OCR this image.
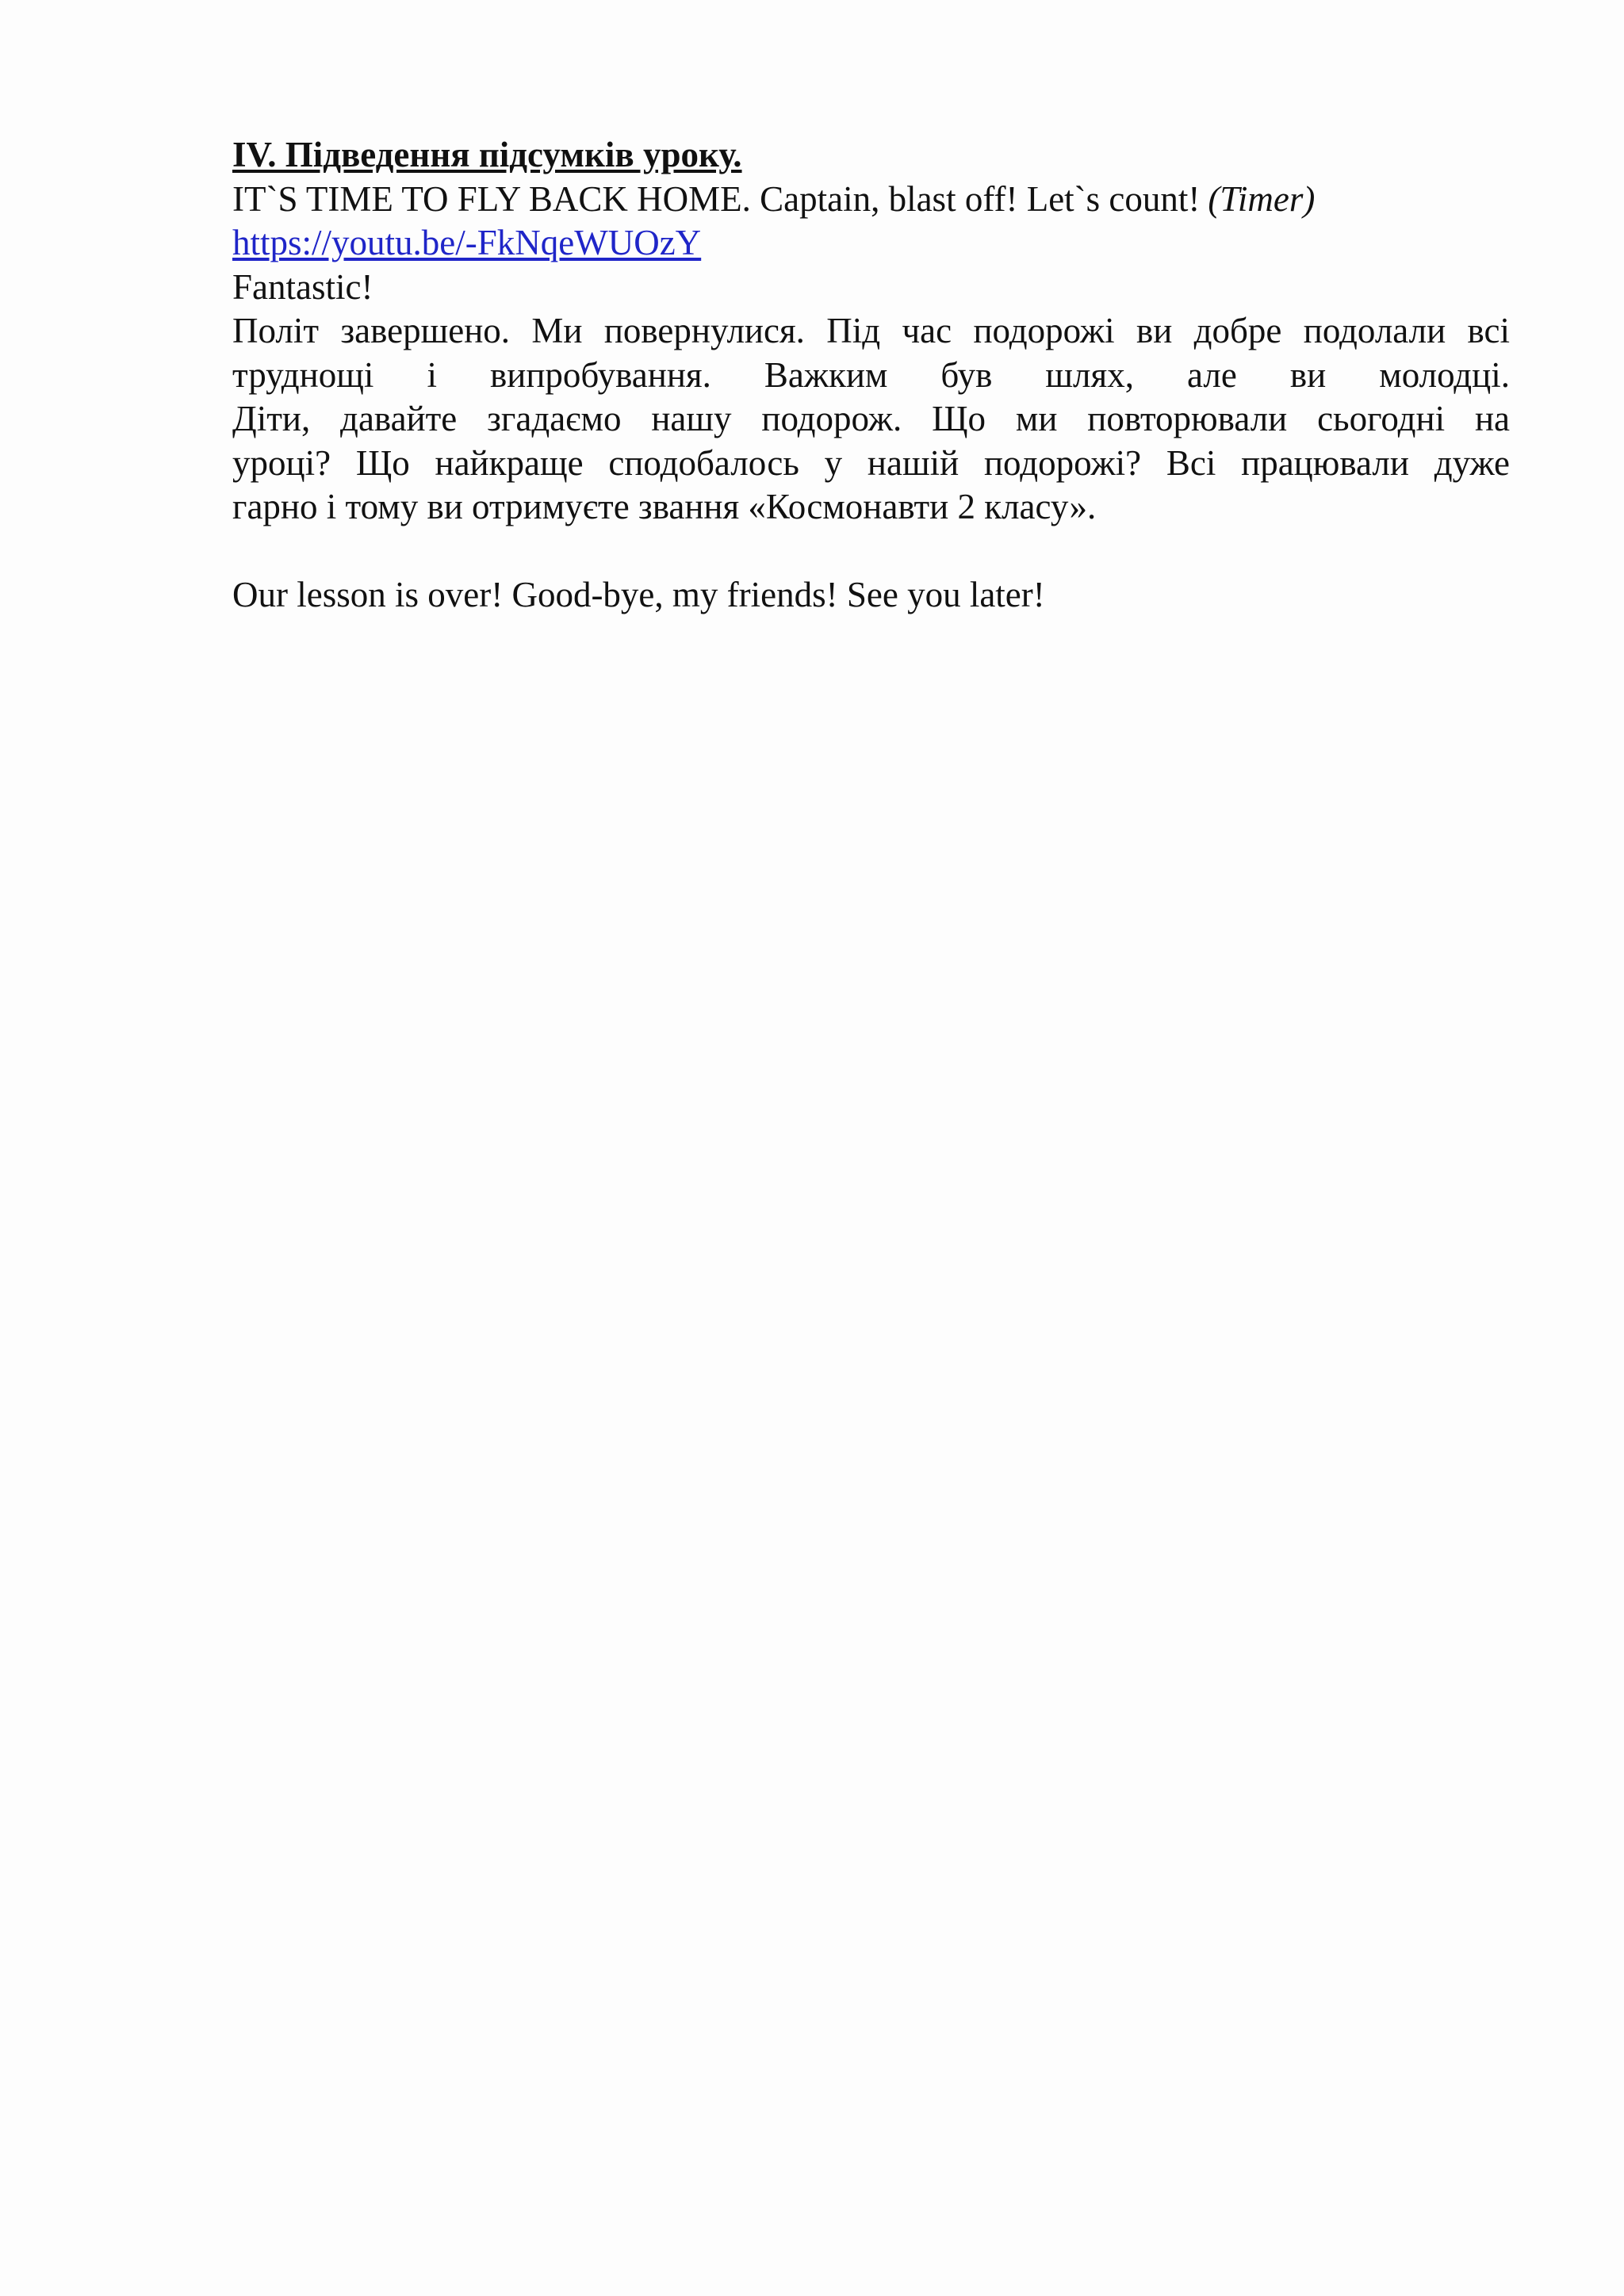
IV. Підведення підсумків уроку.
IT`S TIME TO FLY BACK HOME. Captain, blast off! Let`s count! (Timer)
https://youtu.be/-FkNqeWUOzY
Fantastic!
Політ завершено. Ми повернулися. Під час подорожі ви добре подолали всі
труднощі і випробування. Важким був шлях, але ви молодці.
Діти, давайте згадаємо нашу подорож. Що ми повторювали сьогодні на
уроці? Що найкраще сподобалось у нашій подорожі? Всі працювали дуже
гарно і тому ви отримуєте звання «Космонавти 2 класу».
Our lesson is over! Good-bye, my friends! See you later!
